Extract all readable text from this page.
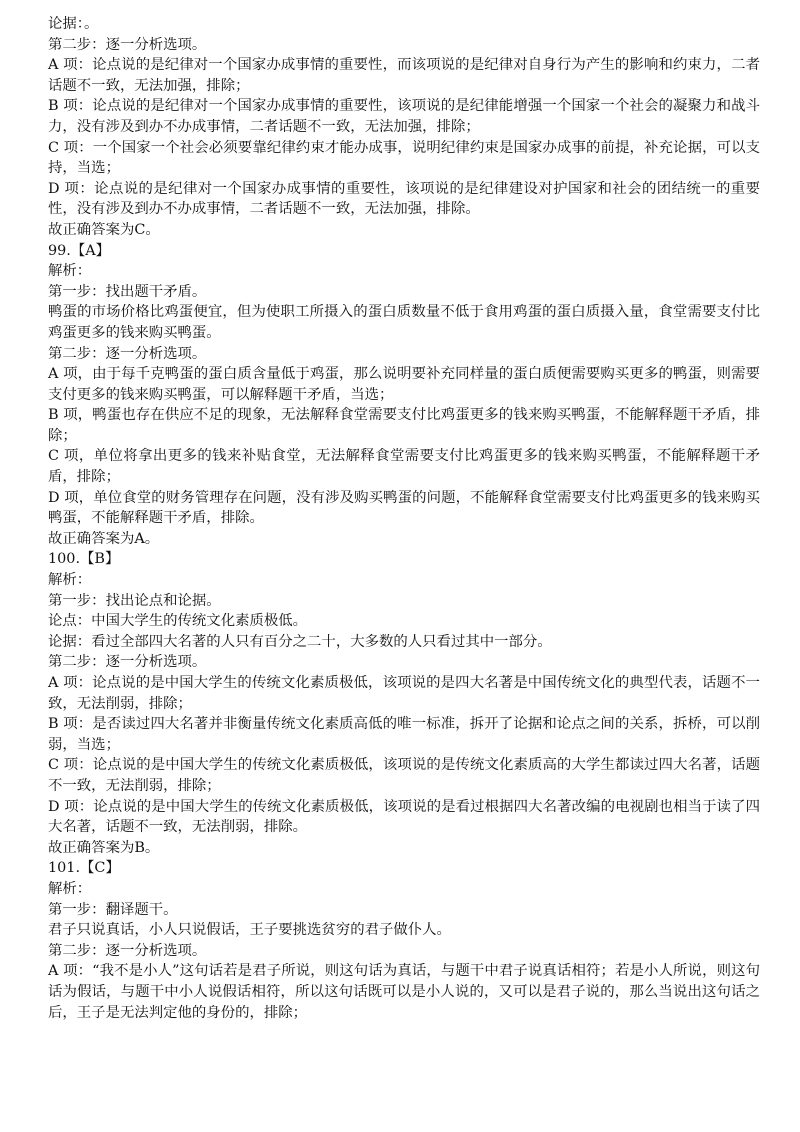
论据：。

第二步：逐一分析选项。

A 项：论点说的是纪律对一个国家办成事情的重要性，而该项说的是纪律对自身行为产生的影响和约束力，二者话题不一致，无法加强，排除；

B 项：论点说的是纪律对一个国家办成事情的重要性，该项说的是纪律能增强一个国家一个社会的凝聚力和战斗力，没有涉及到办不办成事情，二者话题不一致，无法加强，排除；

C 项：一个国家一个社会必须要靠纪律约束才能办成事，说明纪律约束是国家办成事的前提，补充论据，可以支持，当选；

D 项：论点说的是纪律对一个国家办成事情的重要性，该项说的是纪律建设对护国家和社会的团结统一的重要性，没有涉及到办不办成事情，二者话题不一致，无法加强，排除。

故正确答案为C。

99.【A】

解析：

第一步：找出题干矛盾。

鸭蛋的市场价格比鸡蛋便宜，但为使职工所摄入的蛋白质数量不低于食用鸡蛋的蛋白质摄入量，食堂需要支付比鸡蛋更多的钱来购买鸭蛋。

第二步：逐一分析选项。

A 项，由于每千克鸭蛋的蛋白质含量低于鸡蛋，那么说明要补充同样量的蛋白质便需要购买更多的鸭蛋，则需要支付更多的钱来购买鸭蛋，可以解释题干矛盾，当选；

B 项，鸭蛋也存在供应不足的现象，无法解释食堂需要支付比鸡蛋更多的钱来购买鸭蛋，不能解释题干矛盾，排除；

C 项，单位将拿出更多的钱来补贴食堂，无法解释食堂需要支付比鸡蛋更多的钱来购买鸭蛋，不能解释题干矛盾，排除；

D 项，单位食堂的财务管理存在问题，没有涉及购买鸭蛋的问题，不能解释食堂需要支付比鸡蛋更多的钱来购买鸭蛋，不能解释题干矛盾，排除。

故正确答案为A。

100.【B】

解析：

第一步：找出论点和论据。

论点：中国大学生的传统文化素质极低。

论据：看过全部四大名著的人只有百分之二十，大多数的人只看过其中一部分。

第二步：逐一分析选项。

A 项：论点说的是中国大学生的传统文化素质极低，该项说的是四大名著是中国传统文化的典型代表，话题不一致，无法削弱，排除；

B 项：是否读过四大名著并非衡量传统文化素质高低的唯一标准，拆开了论据和论点之间的关系，拆桥，可以削弱，当选；

C 项：论点说的是中国大学生的传统文化素质极低，该项说的是传统文化素质高的大学生都读过四大名著，话题不一致，无法削弱，排除；

D 项：论点说的是中国大学生的传统文化素质极低，该项说的是看过根据四大名著改编的电视剧也相当于读了四大名著，话题不一致，无法削弱，排除。

故正确答案为B。

101.【C】

解析：

第一步：翻译题干。

君子只说真话，小人只说假话，王子要挑选贫穷的君子做仆人。

第二步：逐一分析选项。

A 项：“我不是小人”这句话若是君子所说，则这句话为真话，与题干中君子说真话相符；若是小人所说，则这句话为假话，与题干中小人说假话相符，所以这句话既可以是小人说的，又可以是君子说的，那么当说出这句话之后，王子是无法判定他的身份的，排除；
